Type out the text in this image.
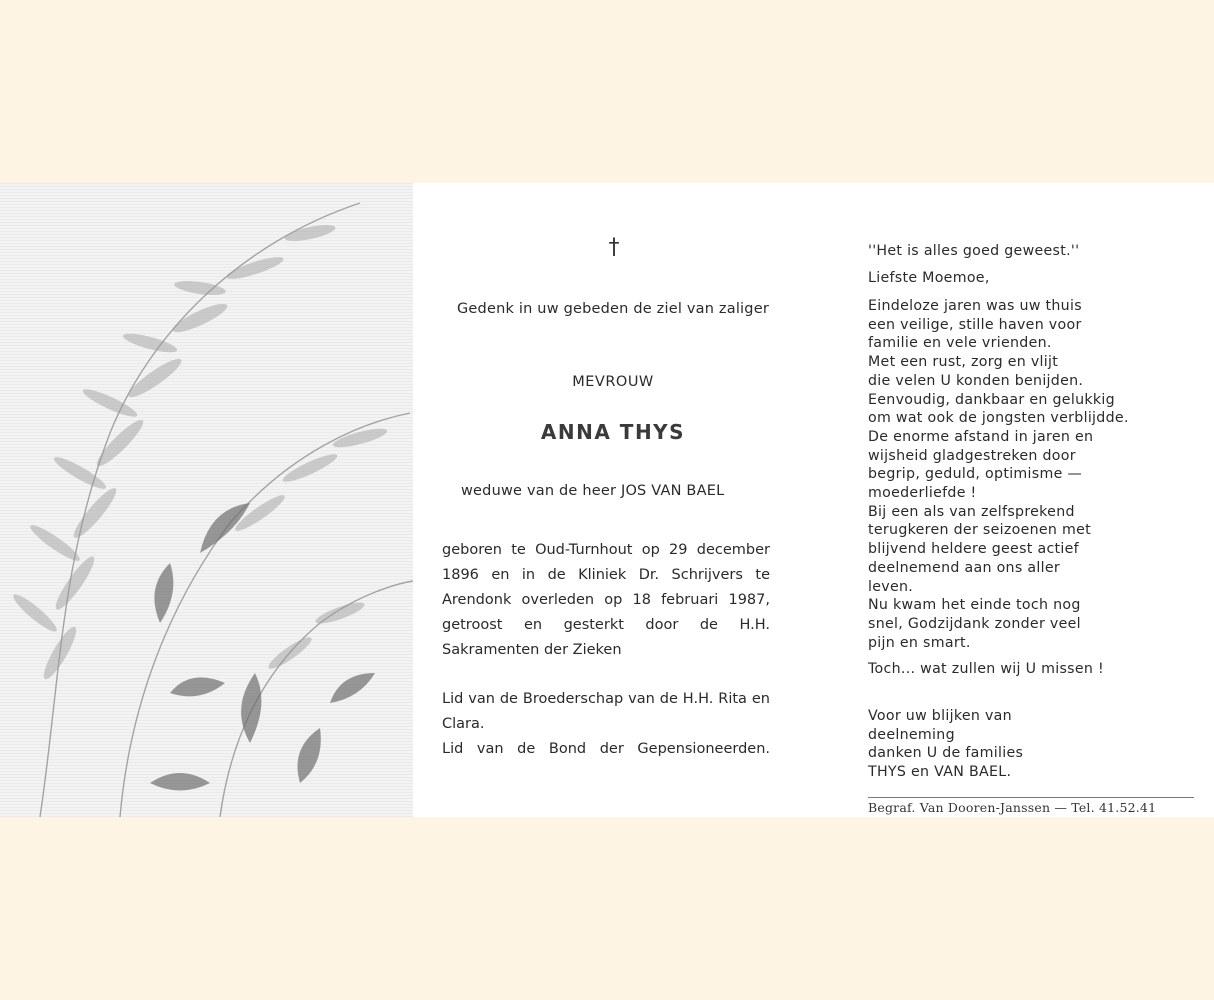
†
Gedenk in uw gebeden de ziel van zaliger
MEVROUW
ANNA THYS
weduwe van de heer JOS VAN BAEL
geboren te Oud-Turnhout op 29 december 1896 en in de Kliniek Dr. Schrijvers te Arendonk overleden op 18 februari 1987, getroost en gesterkt door de H.H. Sakramenten der Zieken
Lid van de Broederschap van de H.H. Rita en Clara.
Lid van de Bond der Gepensioneerden.
''Het is alles goed geweest.''
Liefste Moemoe,
Eindeloze jaren was uw thuis
een veilige, stille haven voor
familie en vele vrienden.
Met een rust, zorg en vlijt
die velen U konden benijden.
Eenvoudig, dankbaar en gelukkig
om wat ook de jongsten verblijdde.
De enorme afstand in jaren en
wijsheid gladgestreken door
begrip, geduld, optimisme —
moederliefde !
Bij een als van zelfsprekend
terugkeren der seizoenen met
blijvend heldere geest actief
deelnemend aan ons aller
leven.
Nu kwam het einde toch nog
snel, Godzijdank zonder veel
pijn en smart.
Toch... wat zullen wij U missen !
Voor uw blijken van
deelneming
danken U de families
THYS en VAN BAEL.
Begraf. Van Dooren-Janssen — Tel. 41.52.41
